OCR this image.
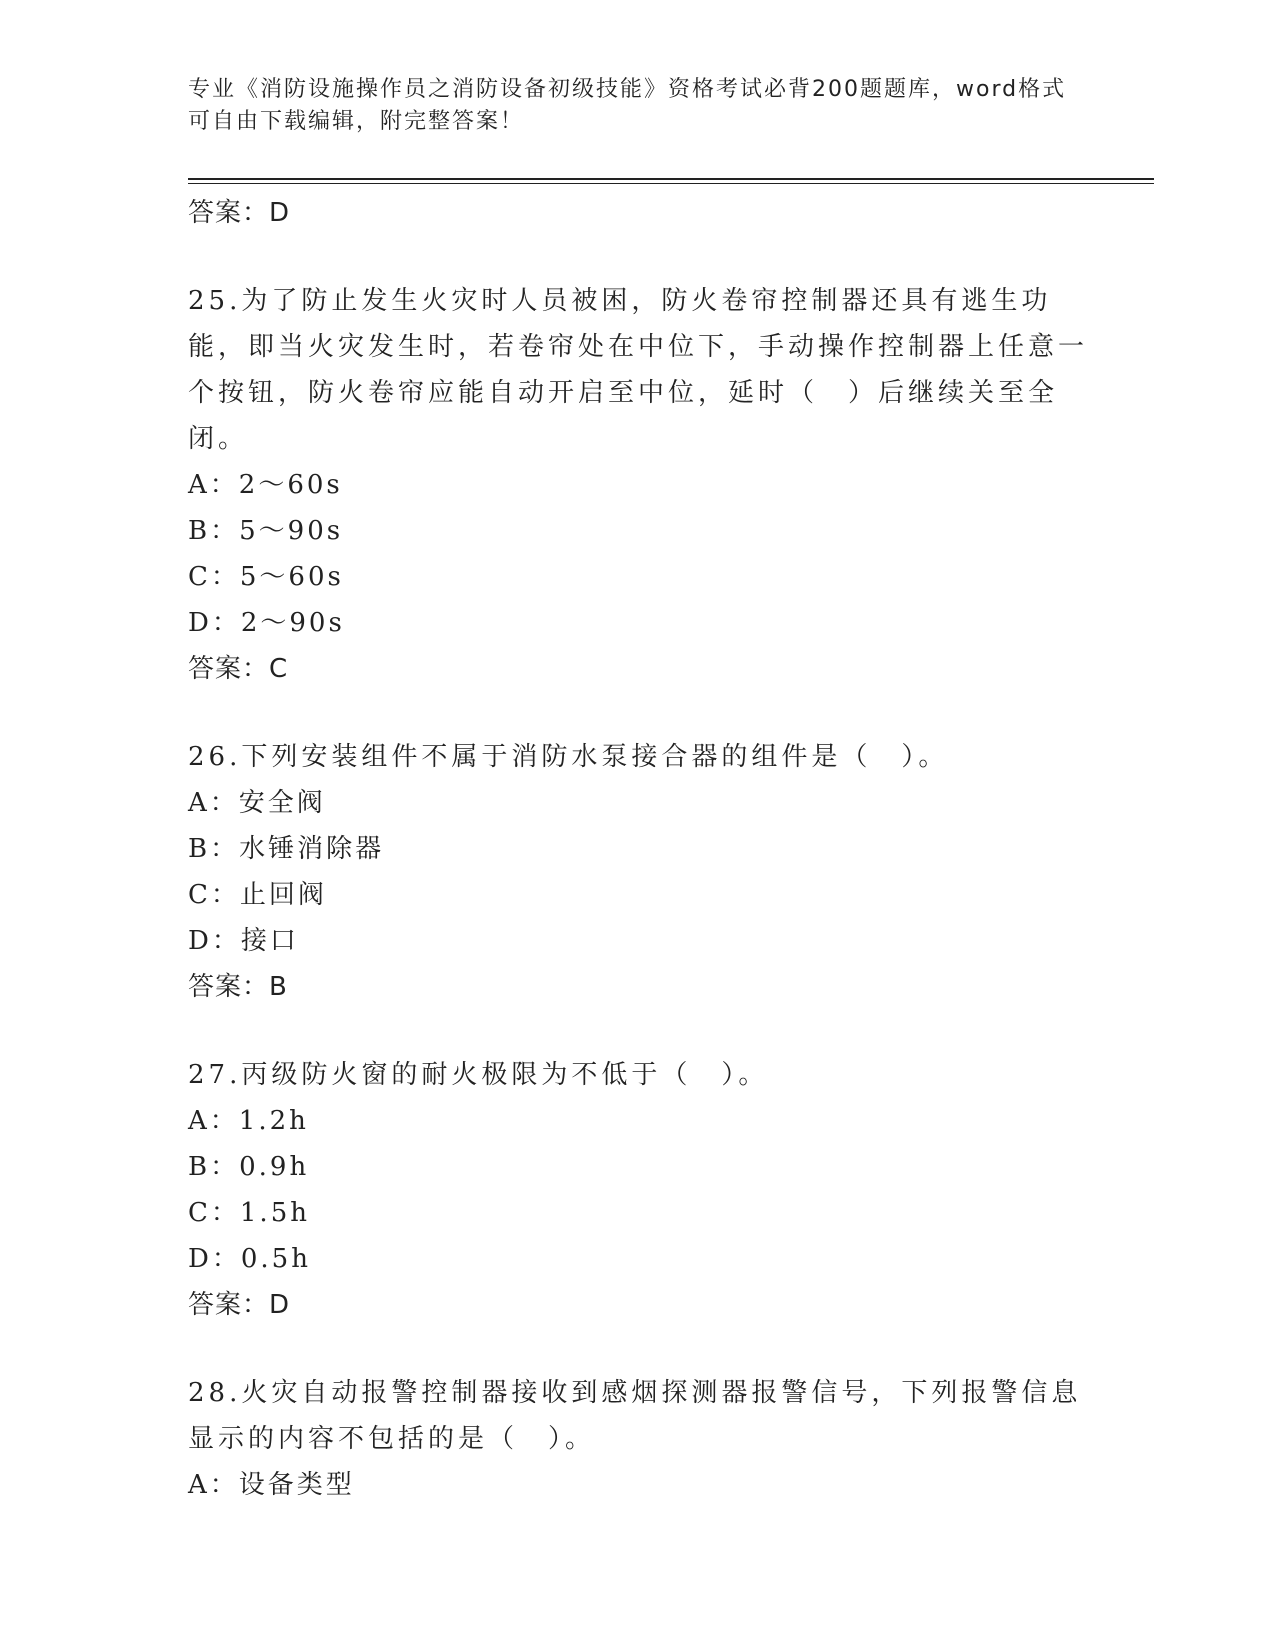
专业《消防设施操作员之消防设备初级技能》资格考试必背200题题库，word格式可自由下载编辑，附完整答案！
答案：D
25.为了防止发生火灾时人员被困，防火卷帘控制器还具有逃生功能，即当火灾发生时，若卷帘处在中位下，手动操作控制器上任意一个按钮，防火卷帘应能自动开启至中位，延时（　）后继续关至全闭。
A：2～60s
B：5～90s
C：5～60s
D：2～90s
答案：C
26.下列安装组件不属于消防水泵接合器的组件是（　）。
A：安全阀
B：水锤消除器
C：止回阀
D：接口
答案：B
27.丙级防火窗的耐火极限为不低于（　）。
A：1.2h
B：0.9h
C：1.5h
D：0.5h
答案：D
28.火灾自动报警控制器接收到感烟探测器报警信号，下列报警信息显示的内容不包括的是（　）。
A：设备类型
